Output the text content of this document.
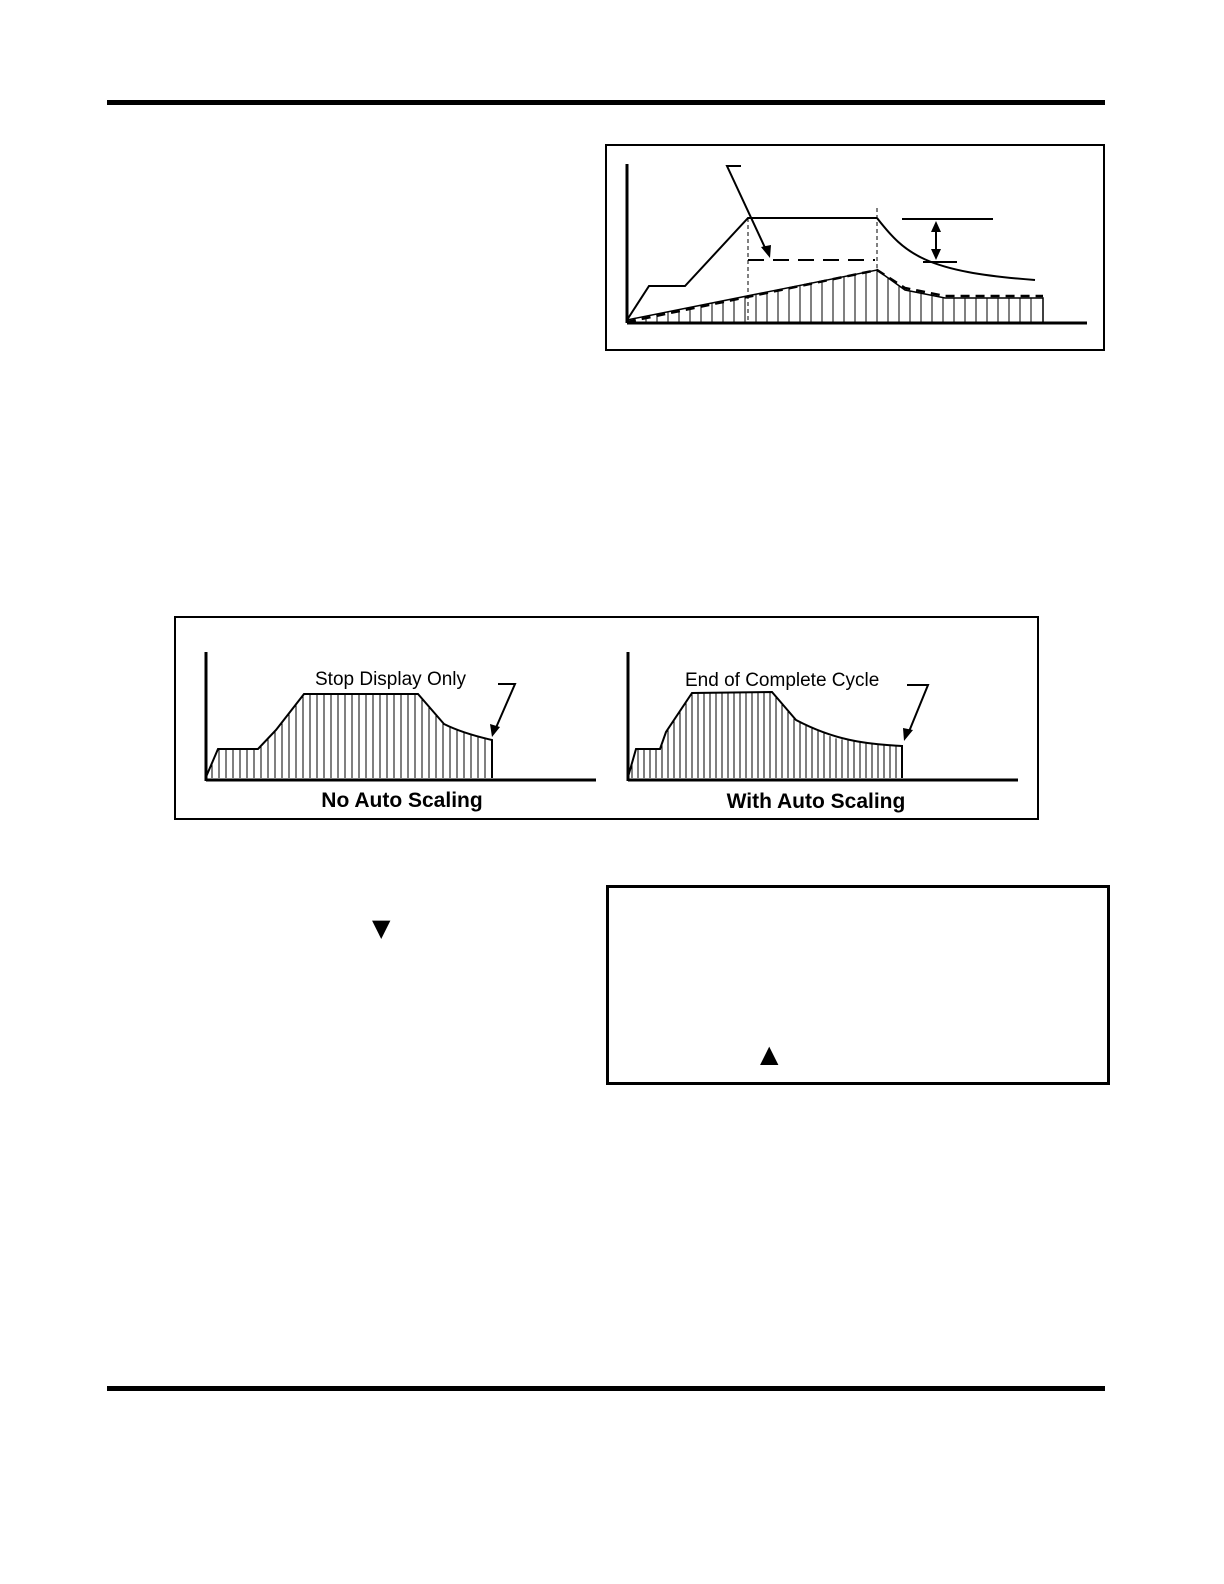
Stop Display Only
No Auto Scaling
End of Complete Cycle
With Auto Scaling
▼
▲
